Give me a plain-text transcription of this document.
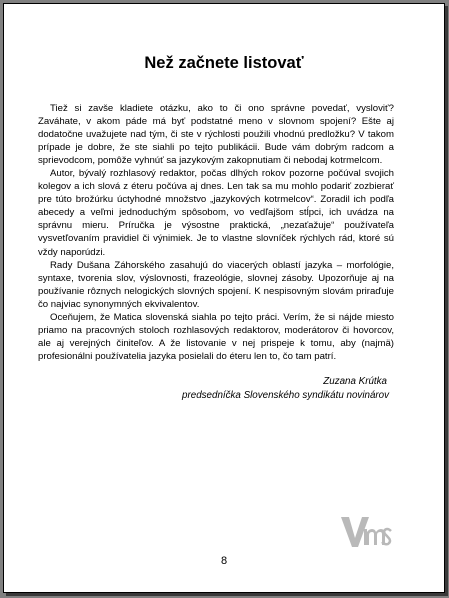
Než začnete listovať

Tiež si zavše kladiete otázku, ako to či ono správne povedať, vysloviť? Zaváhate, v akom páde má byť podstatné meno v slovnom spojení? Ešte aj dodatočne uvažujete nad tým, či ste v rýchlosti použili vhodnú predložku? V takom prípade je dobre, že ste siahli po tejto publikácii. Bude vám dobrým radcom a sprievodcom, pomôže vyhnúť sa jazykovým zakopnutiam či nebodaj kotrmelcom.

Autor, bývalý rozhlasový redaktor, počas dlhých rokov pozorne počúval svojich kolegov a ich slová z éteru počúva aj dnes. Len tak sa mu mohlo podariť zozbierať pre túto brožúrku úctyhodné množstvo „jazykových kotrmelcov“. Zoradil ich podľa abecedy a veľmi jednoduchým spôsobom, vo vedľajšom stĺpci, ich uvádza na správnu mieru. Príručka je výsostne praktická, „nezaťažuje“ používateľa vysvetľovaním pravidiel či výnimiek. Je to vlastne slovníček rýchlych rád, ktoré sú vždy naporúdzi.

Rady Dušana Záhorského zasahujú do viacerých oblastí jazyka – morfológie, syntaxe, tvorenia slov, výslovnosti, frazeológie, slovnej zásoby. Upozorňuje aj na používanie rôznych nelogických slovných spojení. K nespisovným slovám priraďuje čo najviac synonymných ekvivalentov.

Oceňujem, že Matica slovenská siahla po tejto práci. Verím, že si nájde miesto priamo na pracovných stoloch rozhlasových redaktorov, moderátorov či hovorcov, ale aj verejných činiteľov. A že listovanie v nej prispeje k tomu, aby (najmä) profesionálni používatelia jazyka posielali do éteru len to, čo tam patrí.

Zuzana Krútka
predsedníčka Slovenského syndikátu novinárov
8
